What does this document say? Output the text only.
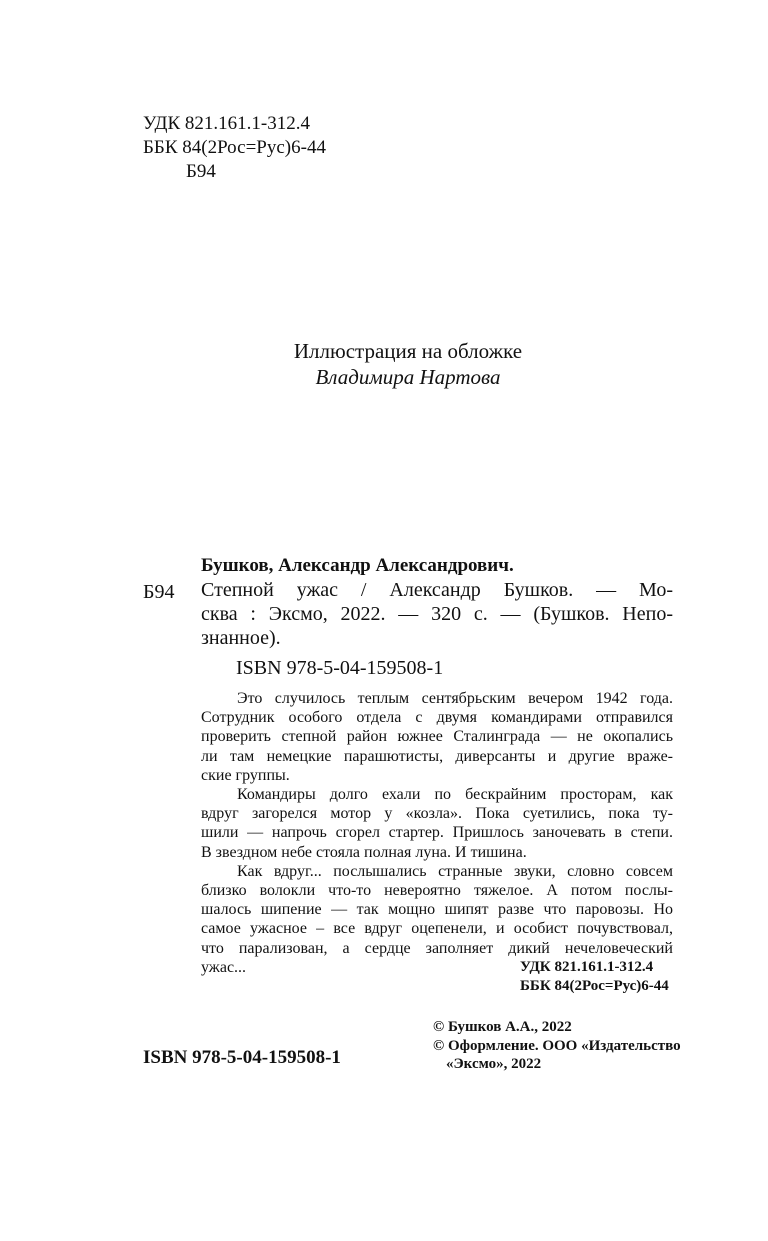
УДК 821.161.1-312.4
ББК 84(2Рос=Рус)6-44
Б94
Иллюстрация на обложке
Владимира Нартова
Бушков, Александр Александрович.
Б94 Степной ужас / Александр Бушков. — Мо-
сква : Эксмо, 2022. — 320 с. — (Бушков. Непо-
знанное).
ISBN 978-5-04-159508-1
Это случилось теплым сентябрьским вечером 1942 года.
Сотрудник особого отдела с двумя командирами отправился
проверить степной район южнее Сталинграда — не окопались
ли там немецкие парашютисты, диверсанты и другие враже-
ские группы.
Командиры долго ехали по бескрайним просторам, как
вдруг загорелся мотор у «козла». Пока суетились, пока ту-
шили — напрочь сгорел стартер. Пришлось заночевать в степи.
В звездном небе стояла полная луна. И тишина.
Как вдруг... послышались странные звуки, словно совсем
близко волокли что-то невероятно тяжелое. А потом послы-
шалось шипение — так мощно шипят разве что паровозы. Но
самое ужасное – все вдруг оцепенели, и особист почувствовал,
что парализован, а сердце заполняет дикий нечеловеческий
ужас...	УДК 821.161.1-312.4
ББК 84(2Рос=Рус)6-44
© Бушков А.А., 2022
© Оформление. ООО «Издательство
«Эксмо», 2022
ISBN 978-5-04-159508-1
